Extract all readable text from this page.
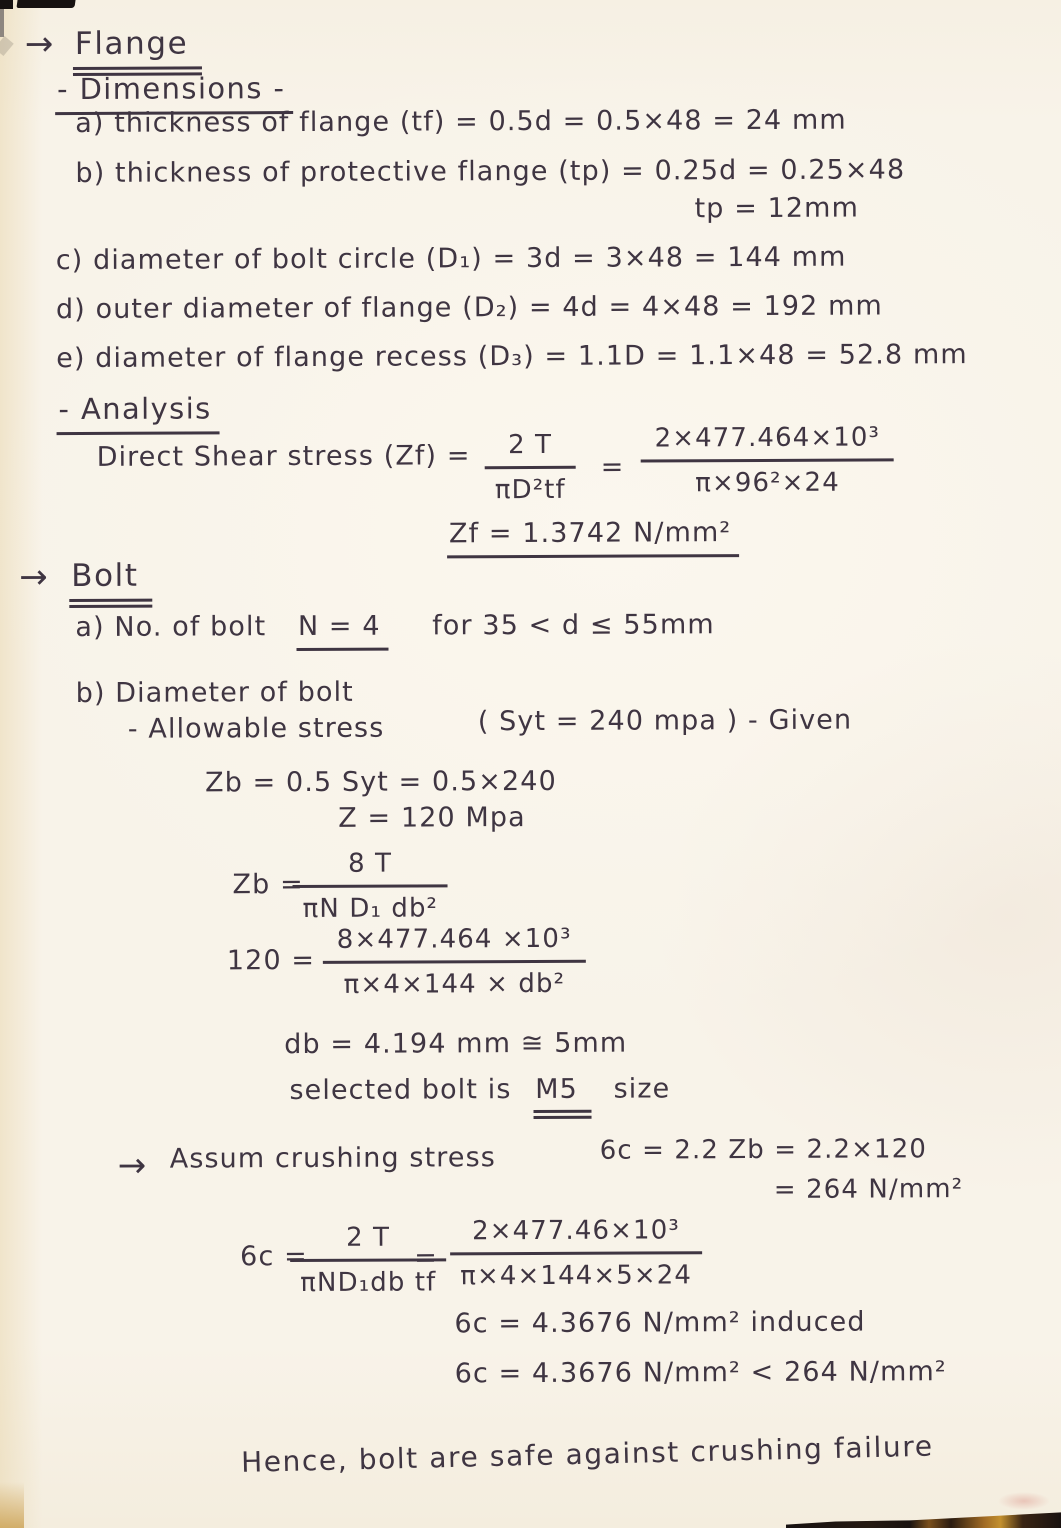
→ Flange
- Dimensions -
a) thickness of flange (tf) = 0.5d = 0.5×48 = 24 mm
b) thickness of protective flange (tp) = 0.25d = 0.25×48
tp = 12mm
c) diameter of bolt circle (D₁) = 3d = 3×48 = 144 mm
d) outer diameter of flange (D₂) = 4d = 4×48 = 192 mm
e) diameter of flange recess (D₃) = 1.1D = 1.1×48 = 52.8 mm
- Analysis
Direct Shear stress $(Zf) = \frac{2 T}{\text{πD²tf}} = \frac{\text{2×477.464×10³}}{\text{π×96²×24}}$
Zf = 1.3742 N/mm²
→ Bolt
a) No. of bolt N = 4 for 35 < d ≤ 55mm
b) Diameter of bolt
- Allowable stress	( Syt = 240 mpa ) - Given
Zb = 0.5 Syt = 0.5×240
Z = 120 Mpa
Zb =
$\frac{8 T}{\text{πN D₁ db²}}$
$120 = \frac{\text{8×477.464 ×10³}}{\text{π×4×144 × db²}}$
db = 4.194 mm ≅ 5mm
selected bolt is M5 size
→ Assum crushing stress	6c = 2.2 Zb = 2.2×120
= 264 N/mm²
6c =
$\frac{2 T}{\text{πND₁db tf}}$
= $\frac{\text{2×477.46×10³}}{\pi\times 4\times 144\times 5\times 24}$
6c = 4.3676 N/mm² induced
6c = 4.3676 N/mm² < 264 N/mm²
Hence, bolt are safe against crushing failure
